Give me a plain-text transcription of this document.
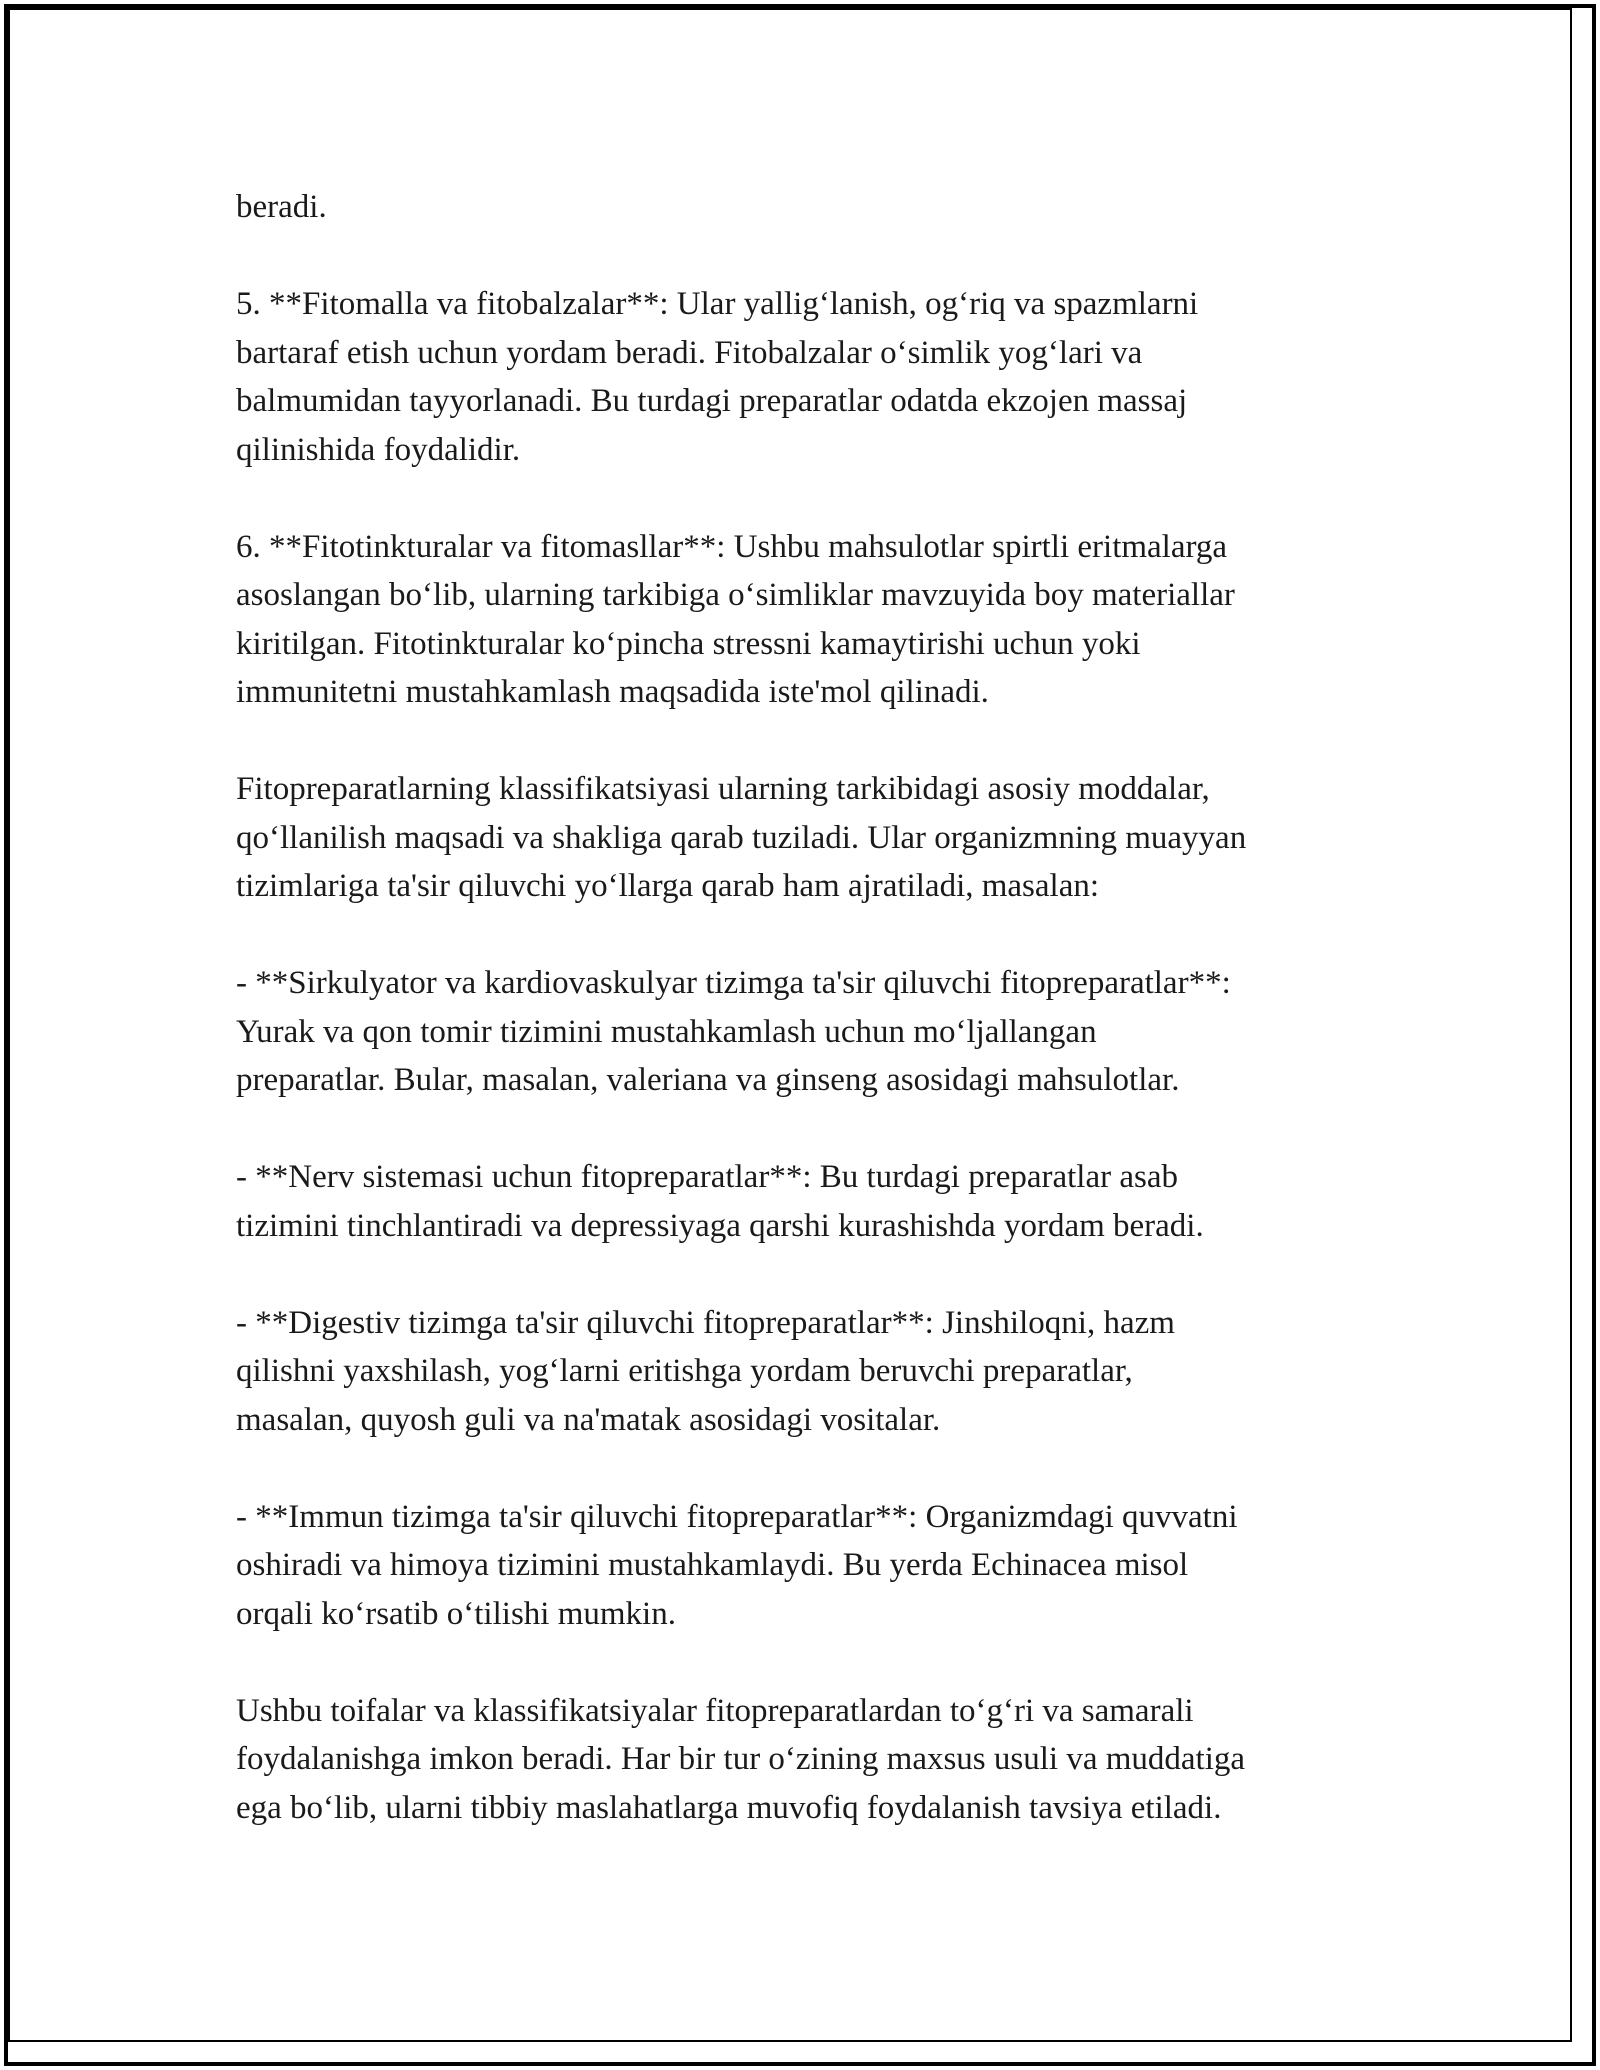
beradi.

5. **Fitomalla va fitobalzalar**: Ular yallig‘lanish, og‘riq va spazmlarni
bartaraf etish uchun yordam beradi. Fitobalzalar o‘simlik yog‘lari va
balmumidan tayyorlanadi. Bu turdagi preparatlar odatda ekzojen massaj
qilinishida foydalidir.

6. **Fitotinkturalar va fitomasllar**: Ushbu mahsulotlar spirtli eritmalarga
asoslangan bo‘lib, ularning tarkibiga o‘simliklar mavzuyida boy materiallar
kiritilgan. Fitotinkturalar ko‘pincha stressni kamaytirishi uchun yoki
immunitetni mustahkamlash maqsadida iste'mol qilinadi.

Fitopreparatlarning klassifikatsiyasi ularning tarkibidagi asosiy moddalar,
qo‘llanilish maqsadi va shakliga qarab tuziladi. Ular organizmning muayyan
tizimlariga ta'sir qiluvchi yo‘llarga qarab ham ajratiladi, masalan:

- **Sirkulyator va kardiovaskulyar tizimga ta'sir qiluvchi fitopreparatlar**:
Yurak va qon tomir tizimini mustahkamlash uchun mo‘ljallangan
preparatlar. Bular, masalan, valeriana va ginseng asosidagi mahsulotlar.

- **Nerv sistemasi uchun fitopreparatlar**: Bu turdagi preparatlar asab
tizimini tinchlantiradi va depressiyaga qarshi kurashishda yordam beradi.

- **Digestiv tizimga ta'sir qiluvchi fitopreparatlar**: Jinshiloqni, hazm
qilishni yaxshilash, yog‘larni eritishga yordam beruvchi preparatlar,
masalan, quyosh guli va na'matak asosidagi vositalar.

- **Immun tizimga ta'sir qiluvchi fitopreparatlar**: Organizmdagi quvvatni
oshiradi va himoya tizimini mustahkamlaydi. Bu yerda Echinacea misol
orqali ko‘rsatib o‘tilishi mumkin.

Ushbu toifalar va klassifikatsiyalar fitopreparatlardan to‘g‘ri va samarali
foydalanishga imkon beradi. Har bir tur o‘zining maxsus usuli va muddatiga
ega bo‘lib, ularni tibbiy maslahatlarga muvofiq foydalanish tavsiya etiladi.
